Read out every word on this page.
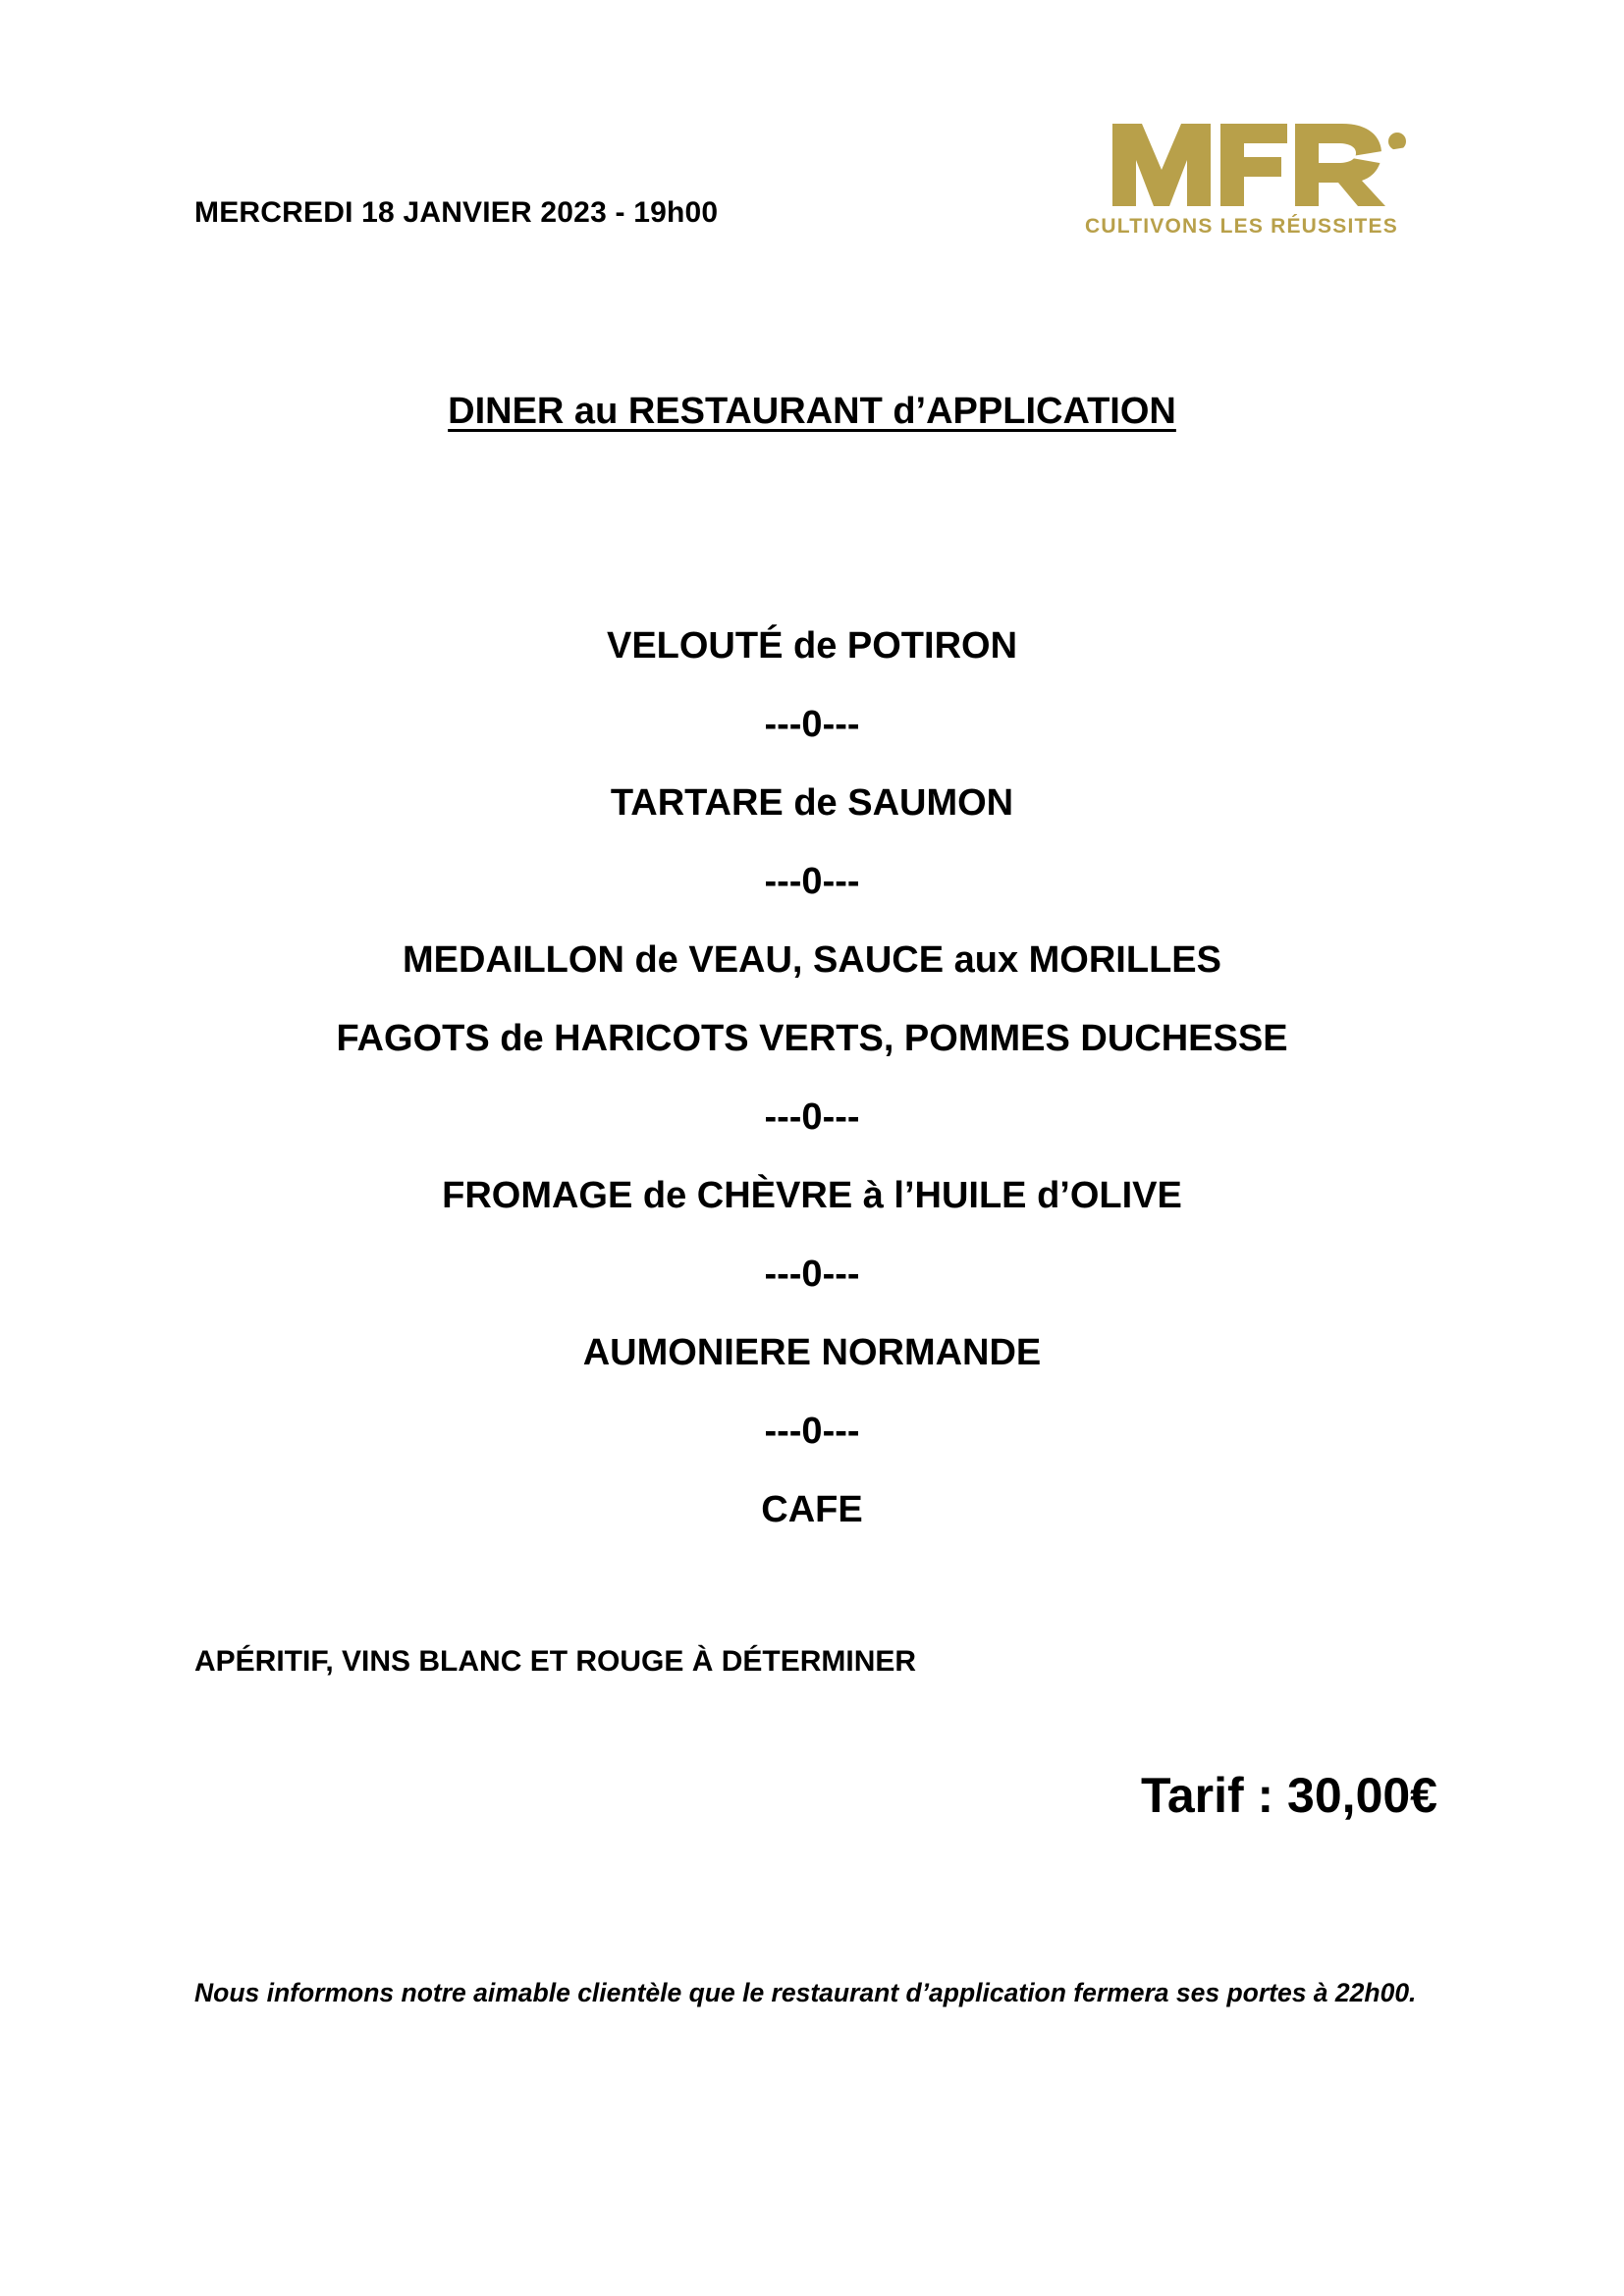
MERCREDI 18 JANVIER 2023 - 19h00	CULTIVONS LES RÉUSSITES
DINER au RESTAURANT d’APPLICATION
VELOUTÉ de POTIRON
---0---
TARTARE de SAUMON
---0---
MEDAILLON de VEAU, SAUCE aux MORILLES
FAGOTS de HARICOTS VERTS, POMMES DUCHESSE
---0---
FROMAGE de CHÈVRE à l’HUILE d’OLIVE
---0---
AUMONIERE NORMANDE
---0---
CAFE
APÉRITIF, VINS BLANC ET ROUGE À DÉTERMINER
Tarif : 30,00€
Nous informons notre aimable clientèle que le restaurant d’application fermera ses portes à 22h00.
